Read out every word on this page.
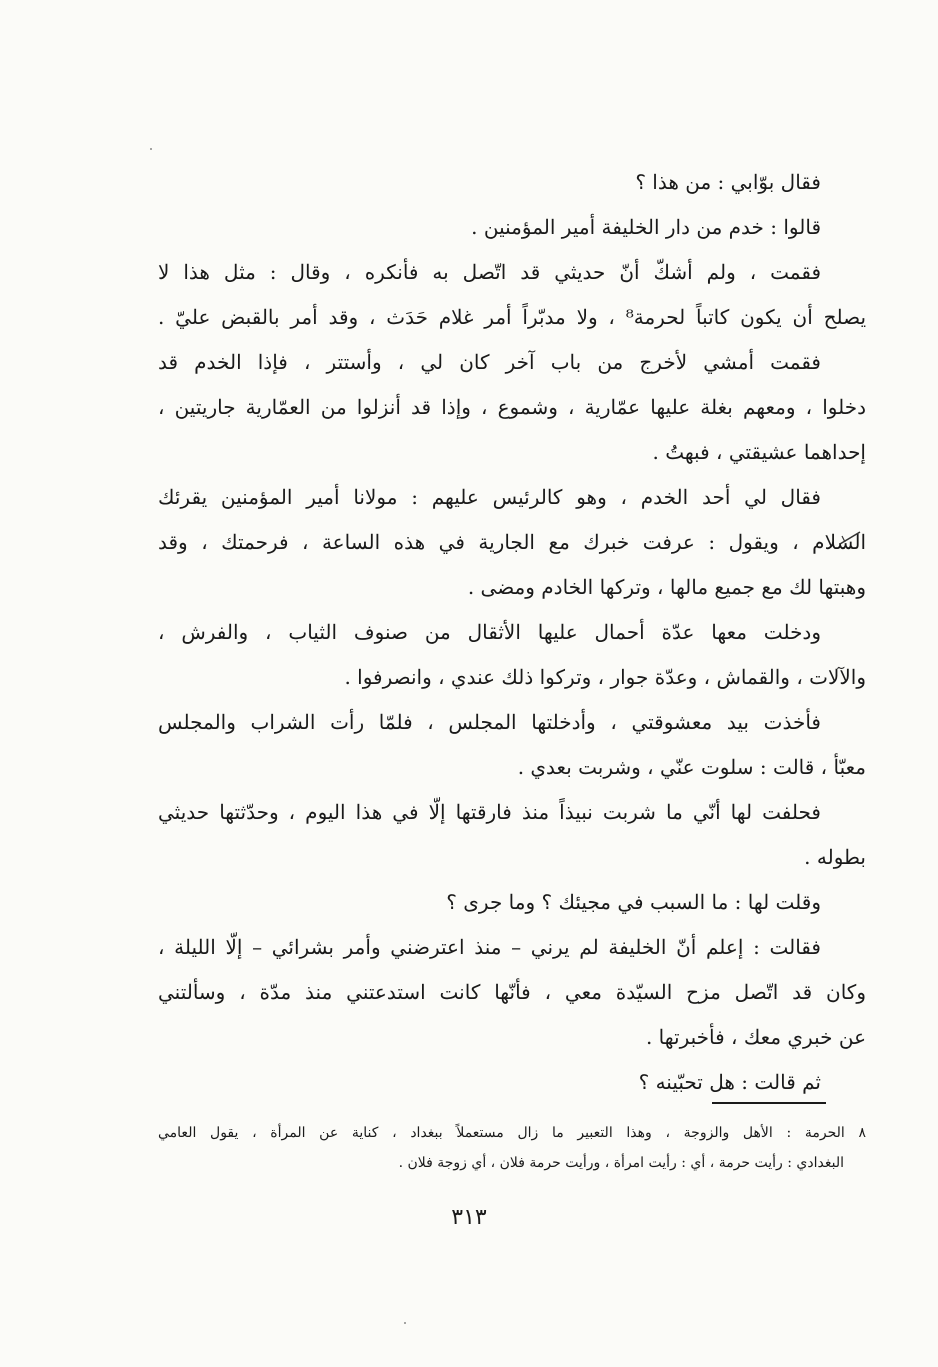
فقال بوّابي : من هذا ؟
قالوا : خدم من دار الخليفة أمير المؤمنين .
فقمت ، ولم أشكّ أنّ حديثي قد اتّصل به فأنكره ، وقال : مثل هذا لا
يصلح أن يكون كاتباً لحرمة⁸ ، ولا مدبّراً أمر غلام حَدَث ، وقد أمر بالقبض عليّ .
فقمت أمشي لأخرج من باب آخر كان لي ، وأستتر ، فإذا الخدم قد
دخلوا ، ومعهم بغلة عليها عمّارية ، وشموع ، وإذا قد أنزلوا من العمّارية جاريتين ،
إحداهما عشيقتي ، فبهتُ .
فقال لي أحد الخدم ، وهو كالرئيس عليهم : مولانا أمير المؤمنين يقرئك
السلام ، ويقول : عرفت خبرك مع الجارية في هذه الساعة ، فرحمتك ، وقد
وهبتها لك مع جميع مالها ، وتركها الخادم ومضى .
ودخلت معها عدّة أحمال عليها الأثقال من صنوف الثياب ، والفرش ،
والآلات ، والقماش ، وعدّة جوار ، وتركوا ذلك عندي ، وانصرفوا .
فأخذت بيد معشوقتي ، وأدخلتها المجلس ، فلمّا رأت الشراب والمجلس
معبّأ ، قالت : سلوت عنّي ، وشربت بعدي .
فحلفت لها أنّي ما شربت نبيذاً منذ فارقتها إلّا في هذا اليوم ، وحدّثتها حديثي
بطوله .
وقلت لها : ما السبب في مجيئك ؟ وما جرى ؟
فقالت : إعلم أنّ الخليفة لم يرني – منذ اعترضني وأمر بشرائي – إلّا الليلة ،
وكان قد اتّصل مزح السيّدة معي ، فأنّها كانت استدعتني منذ مدّة ، وسألتني
عن خبري معك ، فأخبرتها .
ثم قالت : هل تحبّينه ؟
٨ الحرمة : الأهل والزوجة ، وهذا التعبير ما زال مستعملاً ببغداد ، كناية عن المرأة ، يقول العامي
البغدادي : رأيت حرمة ، أي : رأيت امرأة ، ورأيت حرمة فلان ، أي زوجة فلان .
٣١٣
